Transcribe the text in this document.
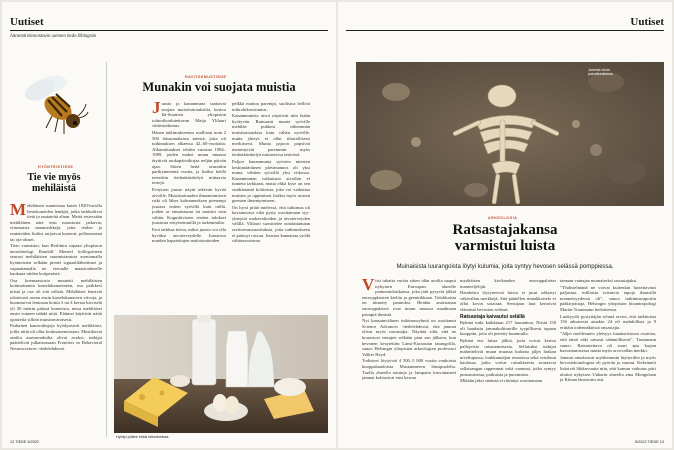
Uutiset
Äänestä kiinnostavin uutinen tiede.fi/blogsiin
HYÖNTEISTIEDE
Tie vie myös mehiläistä

Mehiläinen suunnistaa kuten 1920-luvulla lentokoneiden lentäjät, jotka tarkkailivat tietä ja rautateitä alaan. Mettä etsiessään mehiläinen näet ensi maastosta jatkuvia, virumaisia maamerkkejä, joita teiden ja rautateiden lisäksi tarjoavat kanavat, pellonreunat tai oja-aluset.

Tieto varmistui, kun Berliinin vapaan yliopiston neurobiologi Randolf Menzel kollegoineen seurasi mehiläisten suunnistamista asentamalla hyönteisten selkään pienet signaalilähettimet ja vapauttamalla ne vieraalle maastoalueelle kaukana niiden kotipesästä.

Osa koemaastosta muutetti mehiläisten kotimaisemia kastelukanavineen, osa poikkesi niistä ja osa oli sitä välistä. Mehiläiset lensivät odotetusti usean ensin kastelukanavien viivoja, ja huomasivat lentoaan kotiin 3 tai 4 kertaa hirviselä yli 30 metrin päässä kanavista, mesa mehiläiset ensin voineet nähdä niitä. Eläimet käyttivät näitä opasteita silloin muistinvaraisesti.

Parhaiten kanavalinjoja hyödynsivät mehiläiset, joilla niitä oli ollut kotimaisemissaan. Mustikuvat omilta asuinseuduilta olivat avoksi, tutkijat päättelivät julkaisussaan Frontiers in Behavioral Neurosciences -tiedelehdessä.

RAVITSEMUSTIEDE
Munakin voi suojata muistia

Juusto ja kananmuna saattavat suojata muistisairauksilta, kertoo Itä-Suomen yliopiston tohtorikoulutettavan Maija Ylilauri väitöstutkimus.

Hänen tutkimukseensa osallistui noin 2 500 itäsuomalaista miestä, joita oli tutkimuksen alkaessa 42–60-vuotiaita. Alkumittaukset tehtiin vuosina 1984–1989, joiden mahet muun muassa täyttivät ruokapäiväkirjaa neljän päivän ajan. Sitten heitä seurattiin parikymmentä vuotta, ja lisäksi heillä teetettiin tiedonkäsittelyä mittaavia testejä.

Erityisen juusto näytti tekevän hyvää aivoille. Muistisairauden ilmaantumisen riski oli lähes kolmanneksen pienempi juustoa eniten syövillä kuin niillä, joiden se eimaistunut tai maistui vain vähän. Kognitiivisten testien tulokset juustosta erityisemmillä ja tarkemmilta.

Erot tarkkaa tietoa, miksi juusto voi olla hyväksi aivoterveydelle. Juustossa muiden hapatettujen maitotuotteiden

pelkkä mattoa parempi, suolistoa hellivä mikrobikoostumus.

Kananmunista aivot näyttivät niin ikään hyötyvän. Runsaasti munia syöville mehiläe puhkesi vähemmän muistisairauksia kuin vähän syöville, mutta yhteys ei ollut tilastollisesti merkitsevä. Munia pajoon popsivat menestyivät paremmin myös tiedonkäsittelyä mittaavissa testeissä.

Paljon kananmunia syövien miesten keskimääräinen päivänannos oli yksi muna, vähiten syövillä yksi viikossa. Kananmunan vaikutusta aivoihin ei tunneta tarkkaan, mutta ehkä kyse on sen sisältämästä koliinista, joka voi vaikuttaa muistin ja oppimisen lisäksi myös uusien geenien ilmentymiseen.

On hyvä pitää mielessä, että tutkimus oli havainnoiva eikä pysty osoittamaan syy-yhteyttä ruokavalioiden ja aivoterveyden välillä. Ylilauri suosittelee noudattamaan ravitsemussuosituksia, joita tutkimukseen ei päässyt rasvaa. Juustoa kannattaa syödä vähärasvaisena.

Hyötyi pöllee ehkä mikrobeissa.
12 TIEDE 5/2022
Uutiset
Jammat olivat painettunalassa.
ARKEOLOGIA
Ratsastajakansa
varmistui luista
Muinaisista luurangoista löytyi kulumia, joita syntyy hevosen selässä pomppiessa.

Viisi tuhatta vuotta sitten idän aroilta saapui nykyisen Euroopan alueelle paimentolaiskansa, joka jätti pysyviä jälkiä euroopplaisten kieliin ja geenitikkaan. Tulokkaista on tiimotty jamnoksi. Heidän anoistanan eurooppalaiset ovat muun muassa maalmaan psimpiä ihmisiä.

Nyt kansainvälinen tutkimusryhmä on osoittanut Science Advances -tiedelehdessä, että jamnat olivat myös ratsastajia. Näyttää siltä, että ne houosivat ratsujen selkään pian sen jälkeen, kun hevonen kesytettiin Länsi-Euraasian tasangoilla, sanoo Helsingin yliopiston arkeologian professori Volker Heyd.

Todisteet löytyivät 4 500–5 000 vuotta vanhoista kuoppahaudoista Mustanmeren länsipuolelta. Tuolla alueella nautoja ja lampaita kasvattaneet jamnat kohtasivat ensi kerran

myöhäisen kivikauden eurooppalaiset maanviljelijät.

Haudoista löytyneessä luissa ei juuri näkynyt väkivallan merkkejä. Sitä päätellen rinnakkaiselo ei ollut kovin sotaisaa. Sensijaan luut kertoivat elämästä hevosten selässä.

Ratsastaja kaivautui selällä

Ryhmä tutki kaikkiaan 217 luurankoa. Niistä 150 oli haudattu jamnakulttuurille tyypillisesti tapaan kuoppiin, joita oli peitetty kummulla.

Ryhmä etsi luista jälkiä, joita voivat kertoa pallojeista ratsastamisesta. Sellaisiksi tutkijat määrittelivät muun muassa kuluma jäljet lonkan niveltupassa, lonkkamaljan reunoissa sekä reisiluun kaulassa, jotka voivat ratsukkeesta seuraavat sellaisangan rappeumat sekä vammat, jotka syntyy putoamisesta, potkuista ja purennista.

Mikään jäksi sinänsä ei riittänyt osoittamaan

tamaan vainajaa muinaiseksi ratsastajaksi.

”Yhdistelmänä ne voivat kuitenkin luotettavasti paljastaa, millaisia toistuvia tapoja ihmisillä menneisyydessä oli”, sanoo tutkimusraportin pääkirjoittaja, Helsingin yliopiston bioantropologi Martin Trautmann tiedotteessa.

Luukyydit pystyttäjän ryhmä arvioi, että tutkituista 156 aikuisesta ainakin 24 oli mahdollisia ja 9 erittäin todennäköisiä ratsastajia.

”Jäljet meillesmen yleisyys luuaineistossa osoittaa, että tämä väki ratsasti säännöllisesti”, Trautmann sanoo. Ratsastettava oli suuri apu karjan kasvattamisessa mutta myös arvovallan merkki.

Jamnat omaksuvat myöhemmin läyttyrdön ja myös hevostekonologiaa eli pyörän ja vaunut. Keksinnöt lisäsivät liikkuvuutta niin, että kansan vaikutus piiri ulottui nykyisen Unkarin alueelta aina Mongolaan ja Kiinan länsiosiin asti.

5/2022 TIEDE 13
